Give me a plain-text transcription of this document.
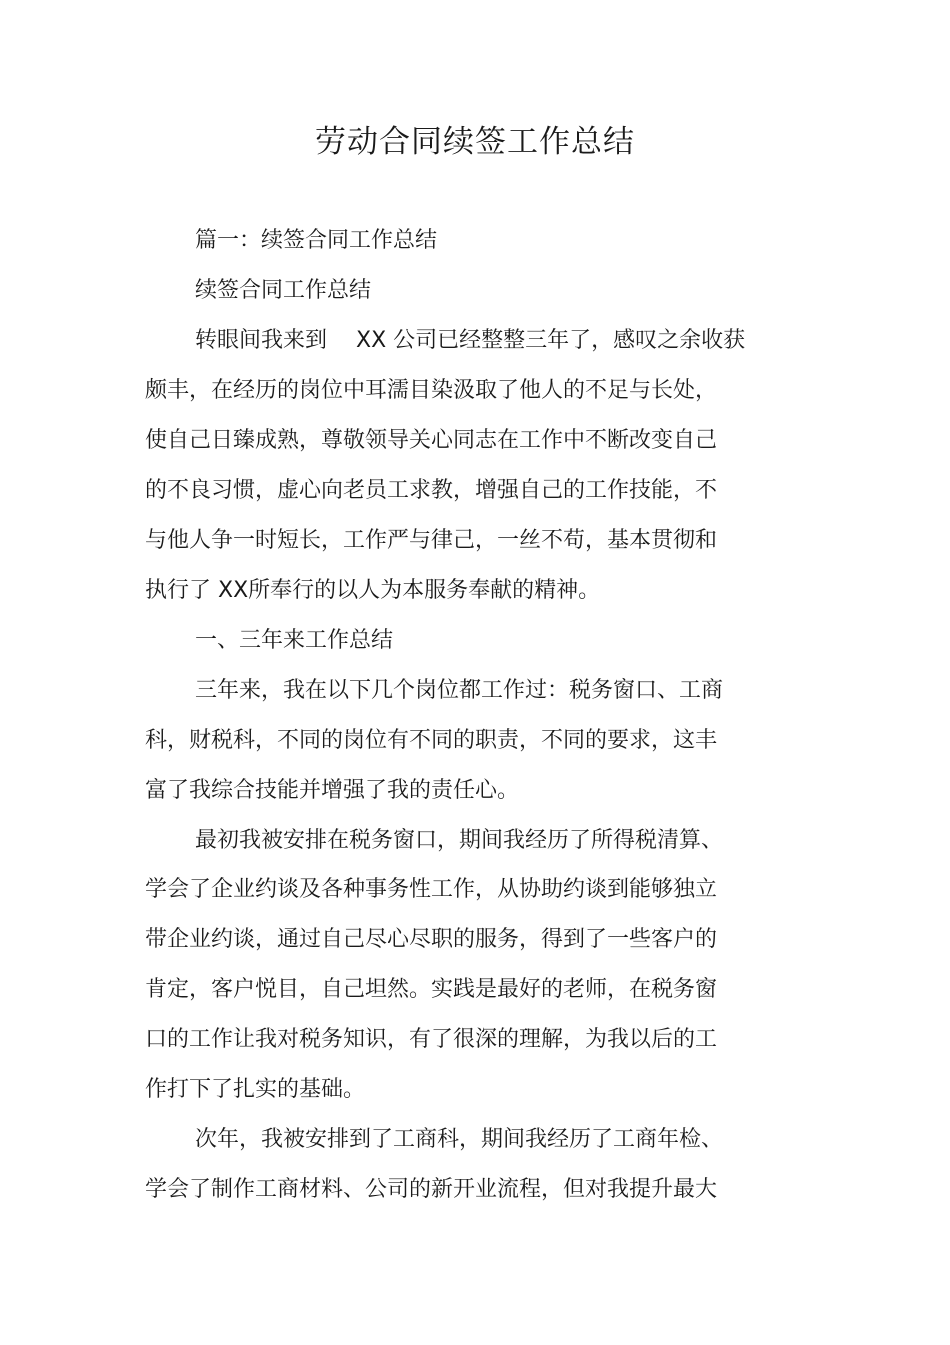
劳动合同续签工作总结
篇一：续签合同工作总结
续签合同工作总结
转眼间我来到　 XX 公司已经整整三年了，感叹之余收获
颇丰，在经历的岗位中耳濡目染汲取了他人的不足与长处，
使自己日臻成熟，尊敬领导关心同志在工作中不断改变自己
的不良习惯，虚心向老员工求教，增强自己的工作技能，不
与他人争一时短长，工作严与律己，一丝不苟，基本贯彻和
执行了 XX所奉行的以人为本服务奉献的精神。
一、三年来工作总结
三年来，我在以下几个岗位都工作过：税务窗口、工商
科，财税科，不同的岗位有不同的职责，不同的要求，这丰
富了我综合技能并增强了我的责任心。
最初我被安排在税务窗口，期间我经历了所得税清算、
学会了企业约谈及各种事务性工作，从协助约谈到能够独立
带企业约谈，通过自己尽心尽职的服务，得到了一些客户的
肯定，客户悦目，自己坦然。实践是最好的老师，在税务窗
口的工作让我对税务知识，有了很深的理解，为我以后的工
作打下了扎实的基础。
次年，我被安排到了工商科，期间我经历了工商年检、
学会了制作工商材料、公司的新开业流程，但对我提升最大
